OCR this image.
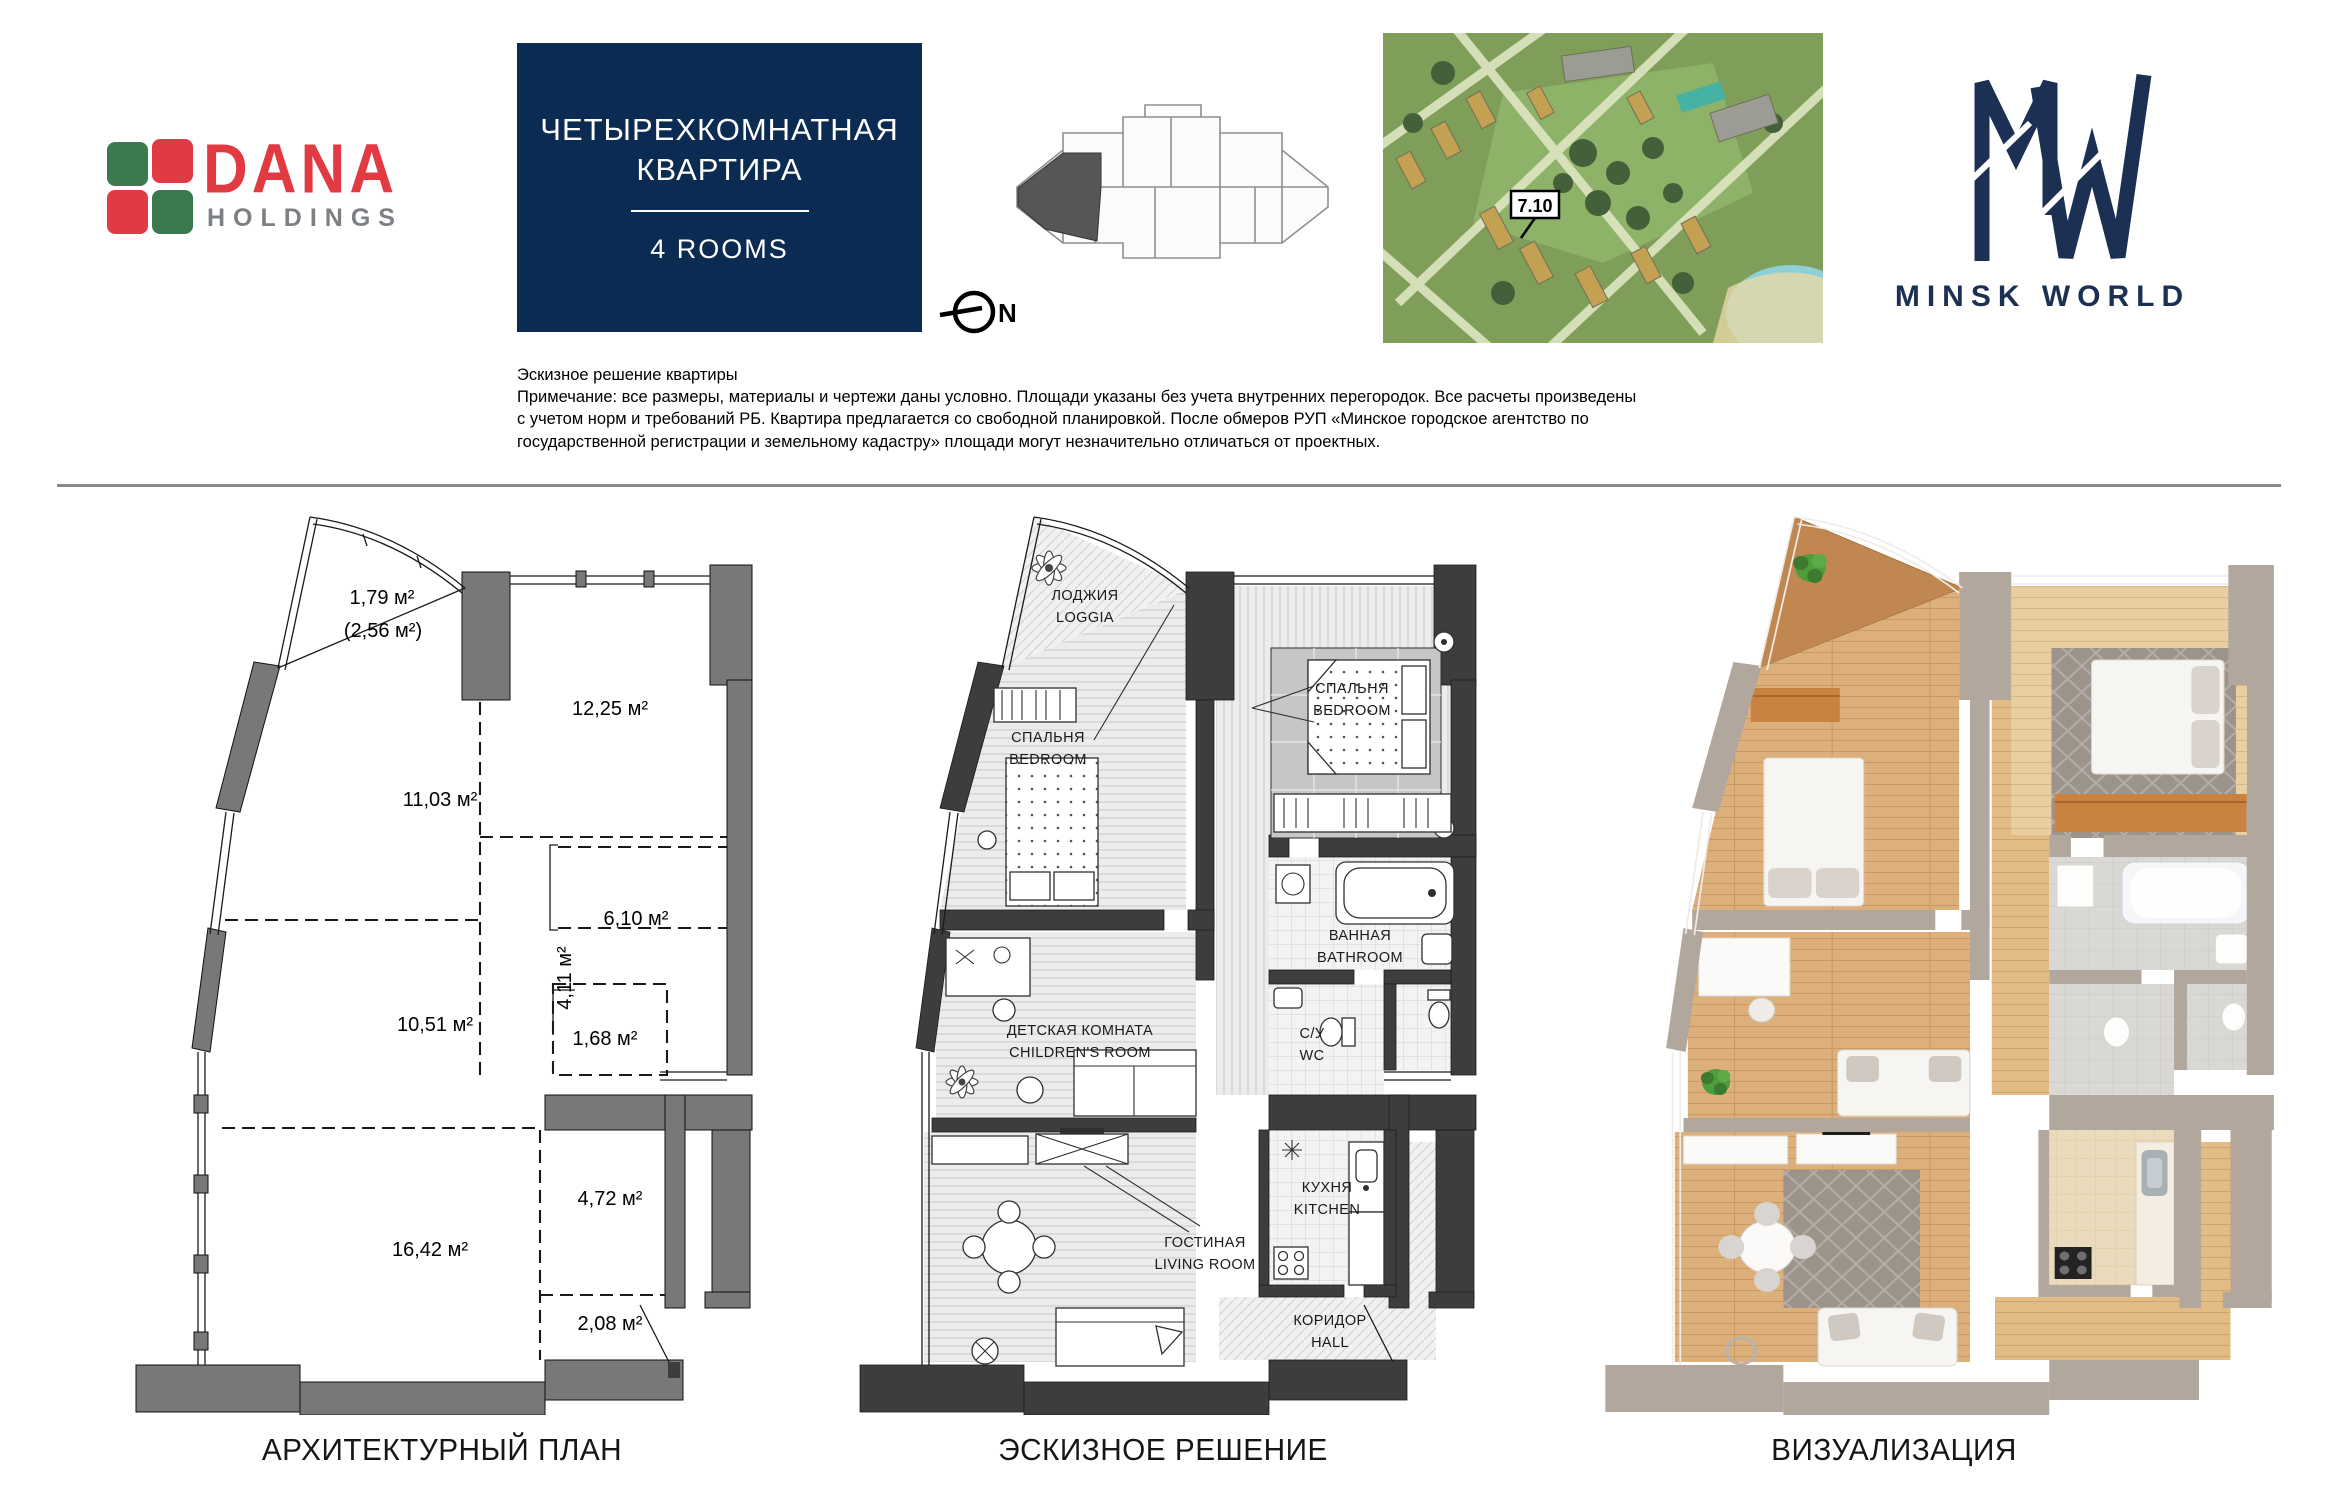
DANA
HOLDINGS
ЧЕТЫРЕХКОМНАТНАЯ
КВАРТИРА
4 ROOMS
N
7.10
MINSK WORLD
Эскизное решение квартиры
Примечание: все размеры, материалы и чертежи даны условно. Площади указаны без учета внутренних перегородок. Все расчеты произведены
с учетом норм и требований РБ. Квартира предлагается со свободной планировкой. После обмеров РУП «Минское городское агентство по
государственной регистрации и земельному кадастру» площади могут незначительно отличаться от проектных.
1,79 м²
(2,56 м²)
12,25 м²
11,03 м²
6,10 м²
4,11 м²
1,68 м²
10,51 м²
4,72 м²
16,42 м²
2,08 м²
ЛОДЖИЯ
LOGGIA
СПАЛЬНЯ
BEDROOM
СПАЛЬНЯ
BEDROOM
ВАННАЯ
BATHROOM
ДЕТСКАЯ КОМНАТА
CHILDREN'S ROOM
С/У
WC
КУХНЯ
KITCHEN
ГОСТИНАЯ
LIVING ROOM
КОРИДОР
HALL
АРХИТЕКТУРНЫЙ ПЛАН	ЭСКИЗНОЕ РЕШЕНИЕ	ВИЗУАЛИЗАЦИЯ
